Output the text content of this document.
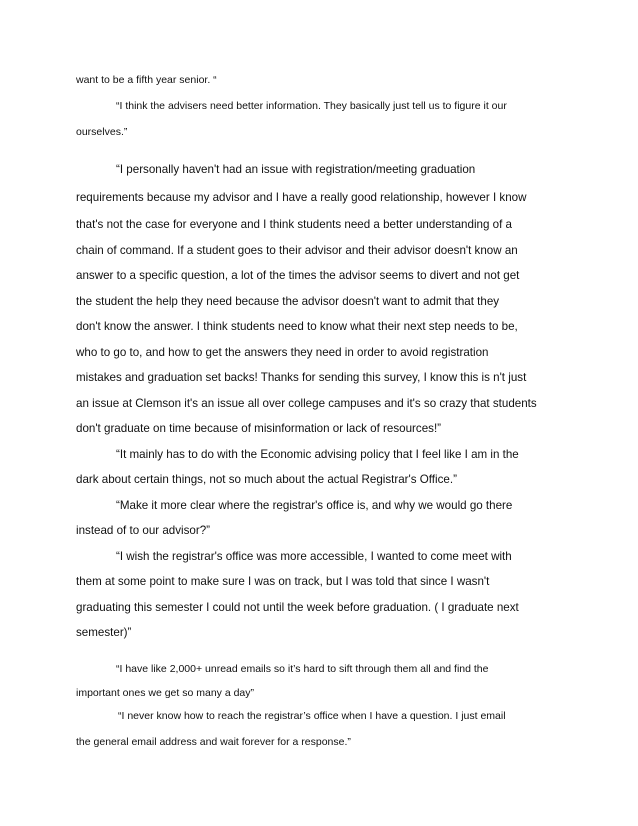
want to be a fifth year senior. “
“I think the advisers need better information. They basically just tell us to figure it our
ourselves.”
“I personally haven't had an issue with registration/meeting graduation
requirements because my advisor and I have a really good relationship, however I know
that's not the case for everyone and I think students need a better understanding of a
chain of command. If a student goes to their advisor and their advisor doesn't know an
answer to a specific question, a lot of the times the advisor seems to divert and not get
the student the help they need because the advisor doesn't want to admit that they
don't know the answer. I think students need to know what their next step needs to be,
who to go to, and how to get the answers they need in order to avoid registration
mistakes and graduation set backs! Thanks for sending this survey, I know this is n't just
an issue at Clemson it's an issue all over college campuses and it's so crazy that students
don't graduate on time because of misinformation or lack of resources!”
“It mainly has to do with the Economic advising policy that I feel like I am in the
dark about certain things, not so much about the actual Registrar's Office.”
“Make it more clear where the registrar's office is, and why we would go there
instead of to our advisor?”
“I wish the registrar's office was more accessible, I wanted to come meet with
them at some point to make sure I was on track, but I was told that since I wasn't
graduating this semester I could not until the week before graduation. ( I graduate next
semester)”
“I have like 2,000+ unread emails so it’s hard to sift through them all and find the
important ones we get so many a day”
“I never know how to reach the registrar’s office when I have a question. I just email
the general email address and wait forever for a response.”
